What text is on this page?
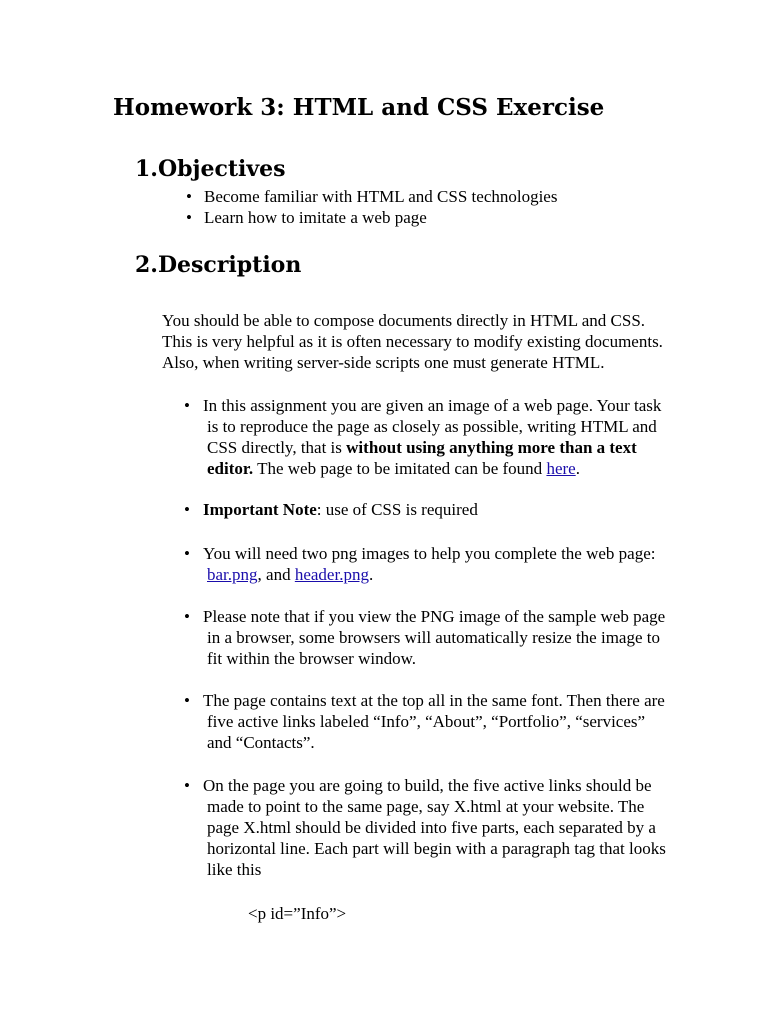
Homework 3: HTML and CSS Exercise
1.Objectives
• Become familiar with HTML and CSS technologies
• Learn how to imitate a web page
2.Description

You should be able to compose documents directly in HTML and CSS.
This is very helpful as it is often necessary to modify existing documents.
Also, when writing server-side scripts one must generate HTML.

• In this assignment you are given an image of a web page. Your task
is to reproduce the page as closely as possible, writing HTML and
CSS directly, that is without using anything more than a text
editor. The web page to be imitated can be found here.
• Important Note: use of CSS is required
• You will need two png images to help you complete the web page:
bar.png, and header.png.
• Please note that if you view the PNG image of the sample web page
in a browser, some browsers will automatically resize the image to
fit within the browser window.
• The page contains text at the top all in the same font. Then there are
five active links labeled “Info”, “About”, “Portfolio”, “services”
and “Contacts”.
• On the page you are going to build, the five active links should be
made to point to the same page, say X.html at your website. The
page X.html should be divided into five parts, each separated by a
horizontal line. Each part will begin with a paragraph tag that looks
like this

<p id=”Info”>
